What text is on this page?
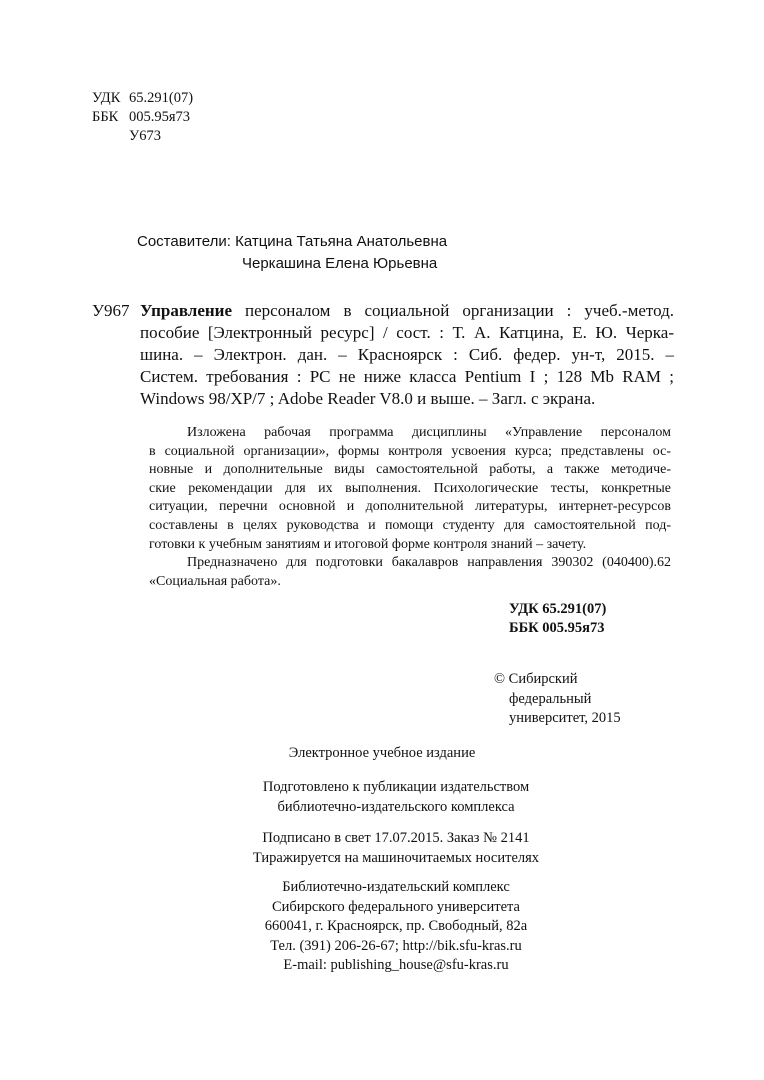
УДК 65.291(07)
ББК 005.95я73
У673
Составители: Катцина Татьяна Анатольевна
Черкашина Елена Юрьевна

У967 Управление персоналом в социальной организации : учеб.-метод.

пособие [Электронный ресурс] / сост. : Т. А. Катцина, Е. Ю. Черка-

шина. – Электрон. дан. – Красноярск : Сиб. федер. ун-т, 2015. –

Систем. требования : PC не ниже класса Pentium I ; 128 Mb RAM ;

Windows 98/XP/7 ; Adobe Reader V8.0 и выше. – Загл. с экрана.

Изложена рабочая программа дисциплины «Управление персоналом

в социальной организации», формы контроля усвоения курса; представлены ос-

новные и дополнительные виды самостоятельной работы, а также методиче-

ские рекомендации для их выполнения. Психологические тесты, конкретные

ситуации, перечни основной и дополнительной литературы, интернет-ресурсов

составлены в целях руководства и помощи студенту для самостоятельной под-

готовки к учебным занятиям и итоговой форме контроля знаний – зачету.

Предназначено для подготовки бакалавров направления 390302 (040400).62

«Социальная работа».

УДК 65.291(07)
ББК 005.95я73
© Сибирский
федеральный
университет, 2015
Электронное учебное издание
Подготовлено к публикации издательством
библиотечно-издательского комплекса
Подписано в свет 17.07.2015. Заказ № 2141
Тиражируется на машиночитаемых носителях
Библиотечно-издательский комплекс
Сибирского федерального университета
660041, г. Красноярск, пр. Свободный, 82а
Тел. (391) 206-26-67; http://bik.sfu-kras.ru
E-mail: publishing_house@sfu-kras.ru
